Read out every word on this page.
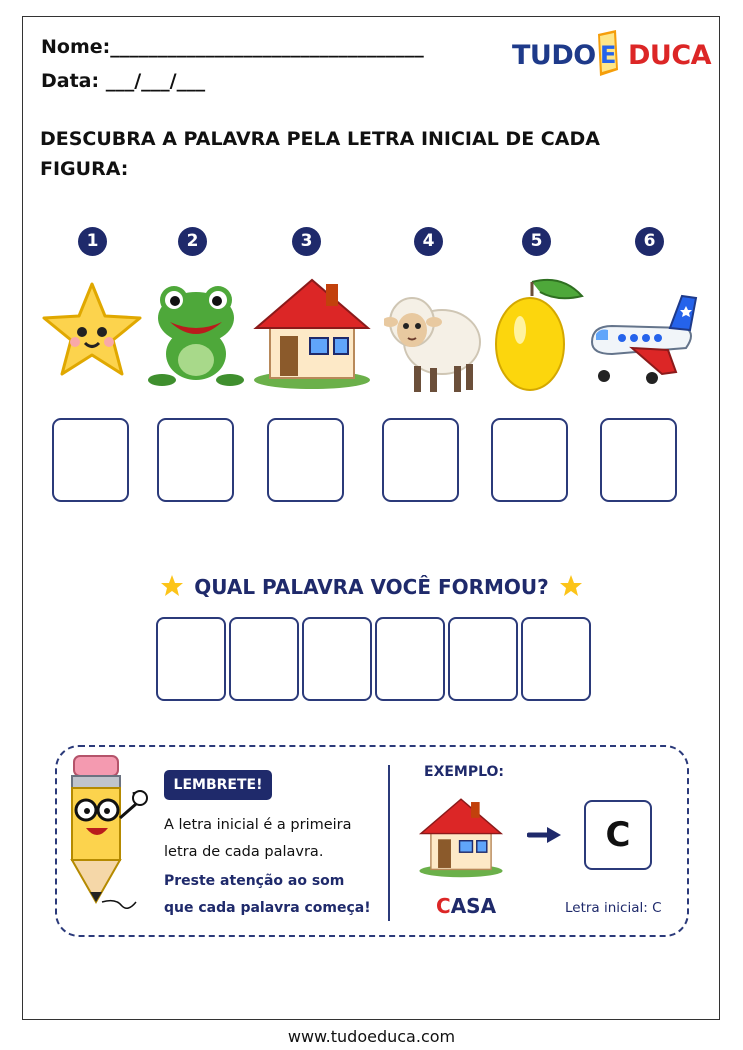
Nome:_________________________________
Data: ___/___/___
TUDO E DUCA
DESCUBRA A PALAVRA PELA LETRA INICIAL DE CADA FIGURA:
1	2	3	4	5	6
QUAL PALAVRA VOCÊ FORMOU?
LEMBRETE!
A letra inicial é a primeira
letra de cada palavra.
Preste atenção ao som
que cada palavra começa!
EXEMPLO:
C
CASA	Letra inicial: C
www.tudoeduca.com
